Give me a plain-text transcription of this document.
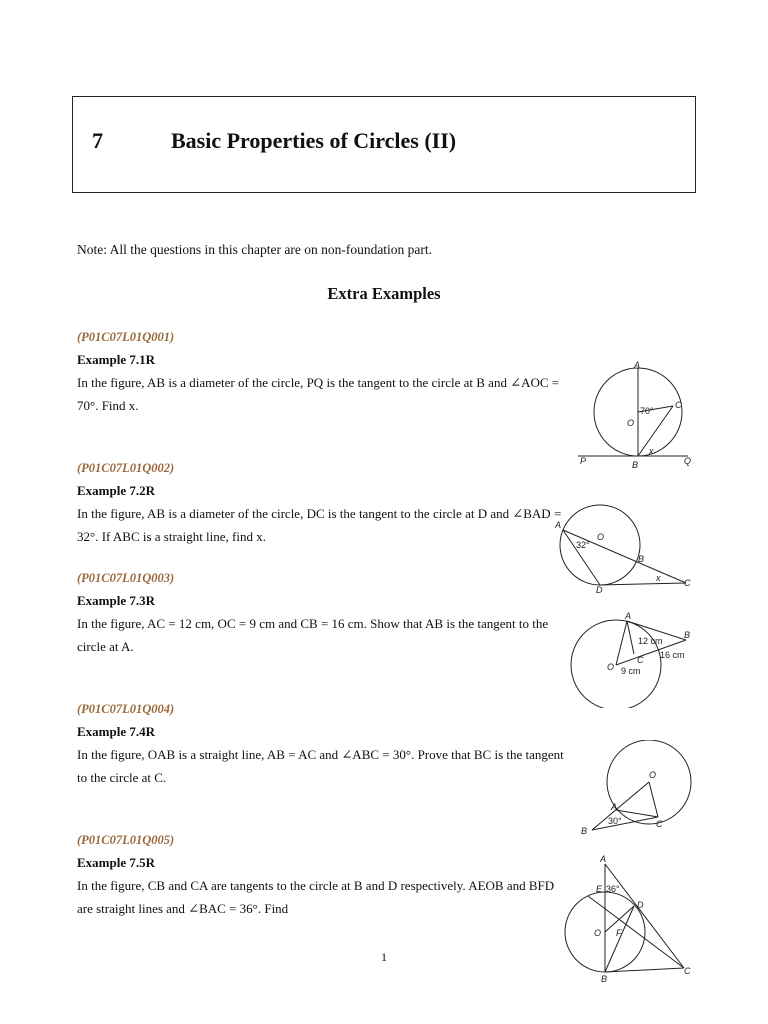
7	Basic Properties of Circles (II)
Note: All the questions in this chapter are on non-foundation part.
Extra Examples
(P01C07L01Q001)
Example 7.1R
In the figure, AB is a diameter of the circle, PQ is the tangent to the circle at B and ∠AOC = 70°. Find x.
A
C
O
70°
x
P	B	Q
(P01C07L01Q002)
Example 7.2R
In the figure, AB is a diameter of the circle, DC is the tangent to the circle at D and ∠BAD = 32°. If ABC is a straight line, find x.
A
O
32°
B
x	C
D
(P01C07L01Q003)
Example 7.3R
In the figure, AC = 12 cm, OC = 9 cm and CB = 16 cm. Show that AB is the tangent to the circle at A.
A
B
C
O
12 cm
16 cm
9 cm
(P01C07L01Q004)
Example 7.4R
In the figure, OAB is a straight line, AB = AC and ∠ABC = 30°. Prove that BC is the tangent to the circle at C.	O
A
B
30°	C
(P01C07L01Q005)
Example 7.5R
In the figure, CB and CA are tangents to the circle at B and D respectively. AEOB and BFD are straight lines and ∠BAC = 36°. Find
A
E 36°
D
O F
B
C
1
